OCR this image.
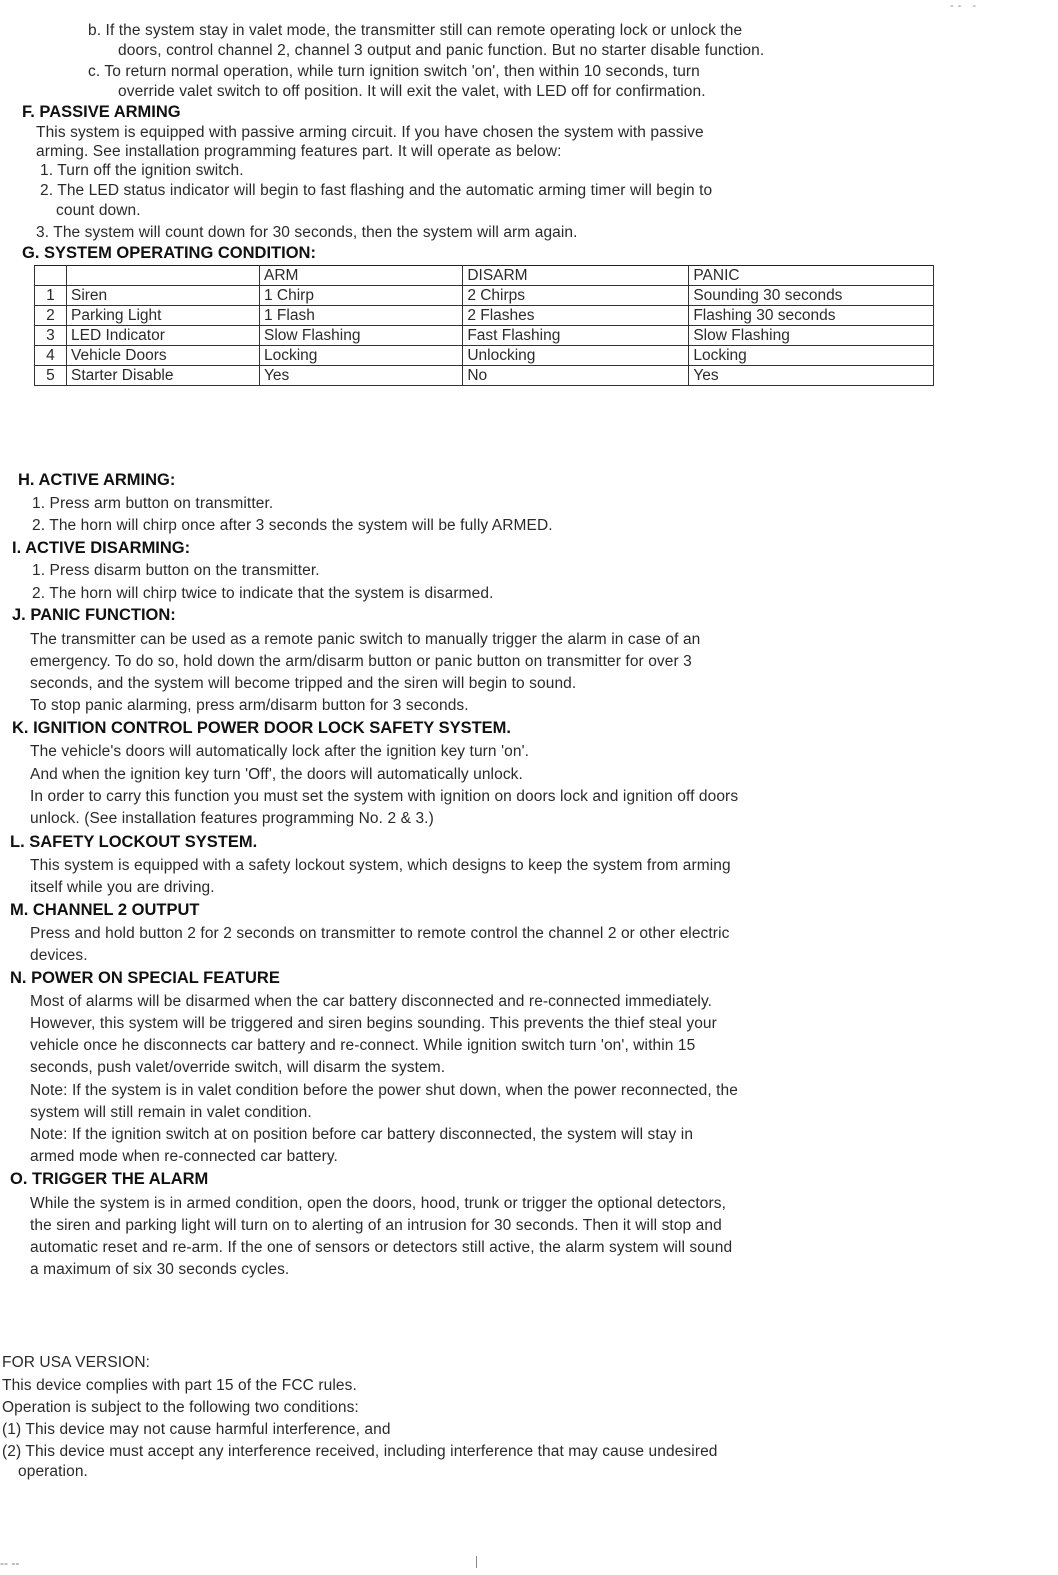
-- -
b. If the system stay in valet mode, the transmitter still can remote operating lock or unlock the
doors, control channel 2, channel 3 output and panic function. But no starter disable function.
c. To return normal operation, while turn ignition switch 'on', then within 10 seconds, turn
override valet switch to off position. It will exit the valet, with LED off for confirmation.
F. PASSIVE ARMING
This system is equipped with passive arming circuit. If you have chosen the system with passive
arming. See installation programming features part. It will operate as below:
1. Turn off the ignition switch.
2. The LED status indicator will begin to fast flashing and the automatic arming timer will begin to
count down.
3. The system will count down for 30 seconds, then the system will arm again.
G. SYSTEM OPERATING CONDITION:
		ARM	DISARM	PANIC
1	Siren	1 Chirp	2 Chirps	Sounding 30 seconds
2	Parking Light	1 Flash	2 Flashes	Flashing 30 seconds
3	LED Indicator	Slow Flashing	Fast Flashing	Slow Flashing
4	Vehicle Doors	Locking	Unlocking	Locking
5	Starter Disable	Yes	No	Yes
H. ACTIVE ARMING:
1. Press arm button on transmitter.
2. The horn will chirp once after 3 seconds the system will be fully ARMED.
I. ACTIVE DISARMING:
1. Press disarm button on the transmitter.
2. The horn will chirp twice to indicate that the system is disarmed.
J. PANIC FUNCTION:
The transmitter can be used as a remote panic switch to manually trigger the alarm in case of an
emergency. To do so, hold down the arm/disarm button or panic button on transmitter for over 3
seconds, and the system will become tripped and the siren will begin to sound.
To stop panic alarming, press arm/disarm button for 3 seconds.
K. IGNITION CONTROL POWER DOOR LOCK SAFETY SYSTEM.
The vehicle's doors will automatically lock after the ignition key turn 'on'.
And when the ignition key turn 'Off', the doors will automatically unlock.
In order to carry this function you must set the system with ignition on doors lock and ignition off doors
unlock. (See installation features programming No. 2 & 3.)
L. SAFETY LOCKOUT SYSTEM.
This system is equipped with a safety lockout system, which designs to keep the system from arming
itself while you are driving.
M. CHANNEL 2 OUTPUT
Press and hold button 2 for 2 seconds on transmitter to remote control the channel 2 or other electric
devices.
N. POWER ON SPECIAL FEATURE
Most of alarms will be disarmed when the car battery disconnected and re-connected immediately.
However, this system will be triggered and siren begins sounding. This prevents the thief steal your
vehicle once he disconnects car battery and re-connect. While ignition switch turn 'on', within 15
seconds, push valet/override switch, will disarm the system.
Note: If the system is in valet condition before the power shut down, when the power reconnected, the
system will still remain in valet condition.
Note: If the ignition switch at on position before car battery disconnected, the system will stay in
armed mode when re-connected car battery.
O. TRIGGER THE ALARM
While the system is in armed condition, open the doors, hood, trunk or trigger the optional detectors,
the siren and parking light will turn on to alerting of an intrusion for 30 seconds. Then it will stop and
automatic reset and re-arm. If the one of sensors or detectors still active, the alarm system will sound
a maximum of six 30 seconds cycles.
FOR USA VERSION:
This device complies with part 15 of the FCC rules.
Operation is subject to the following two conditions:
(1) This device may not cause harmful interference, and
(2) This device must accept any interference received, including interference that may cause undesired
operation.
-- --
